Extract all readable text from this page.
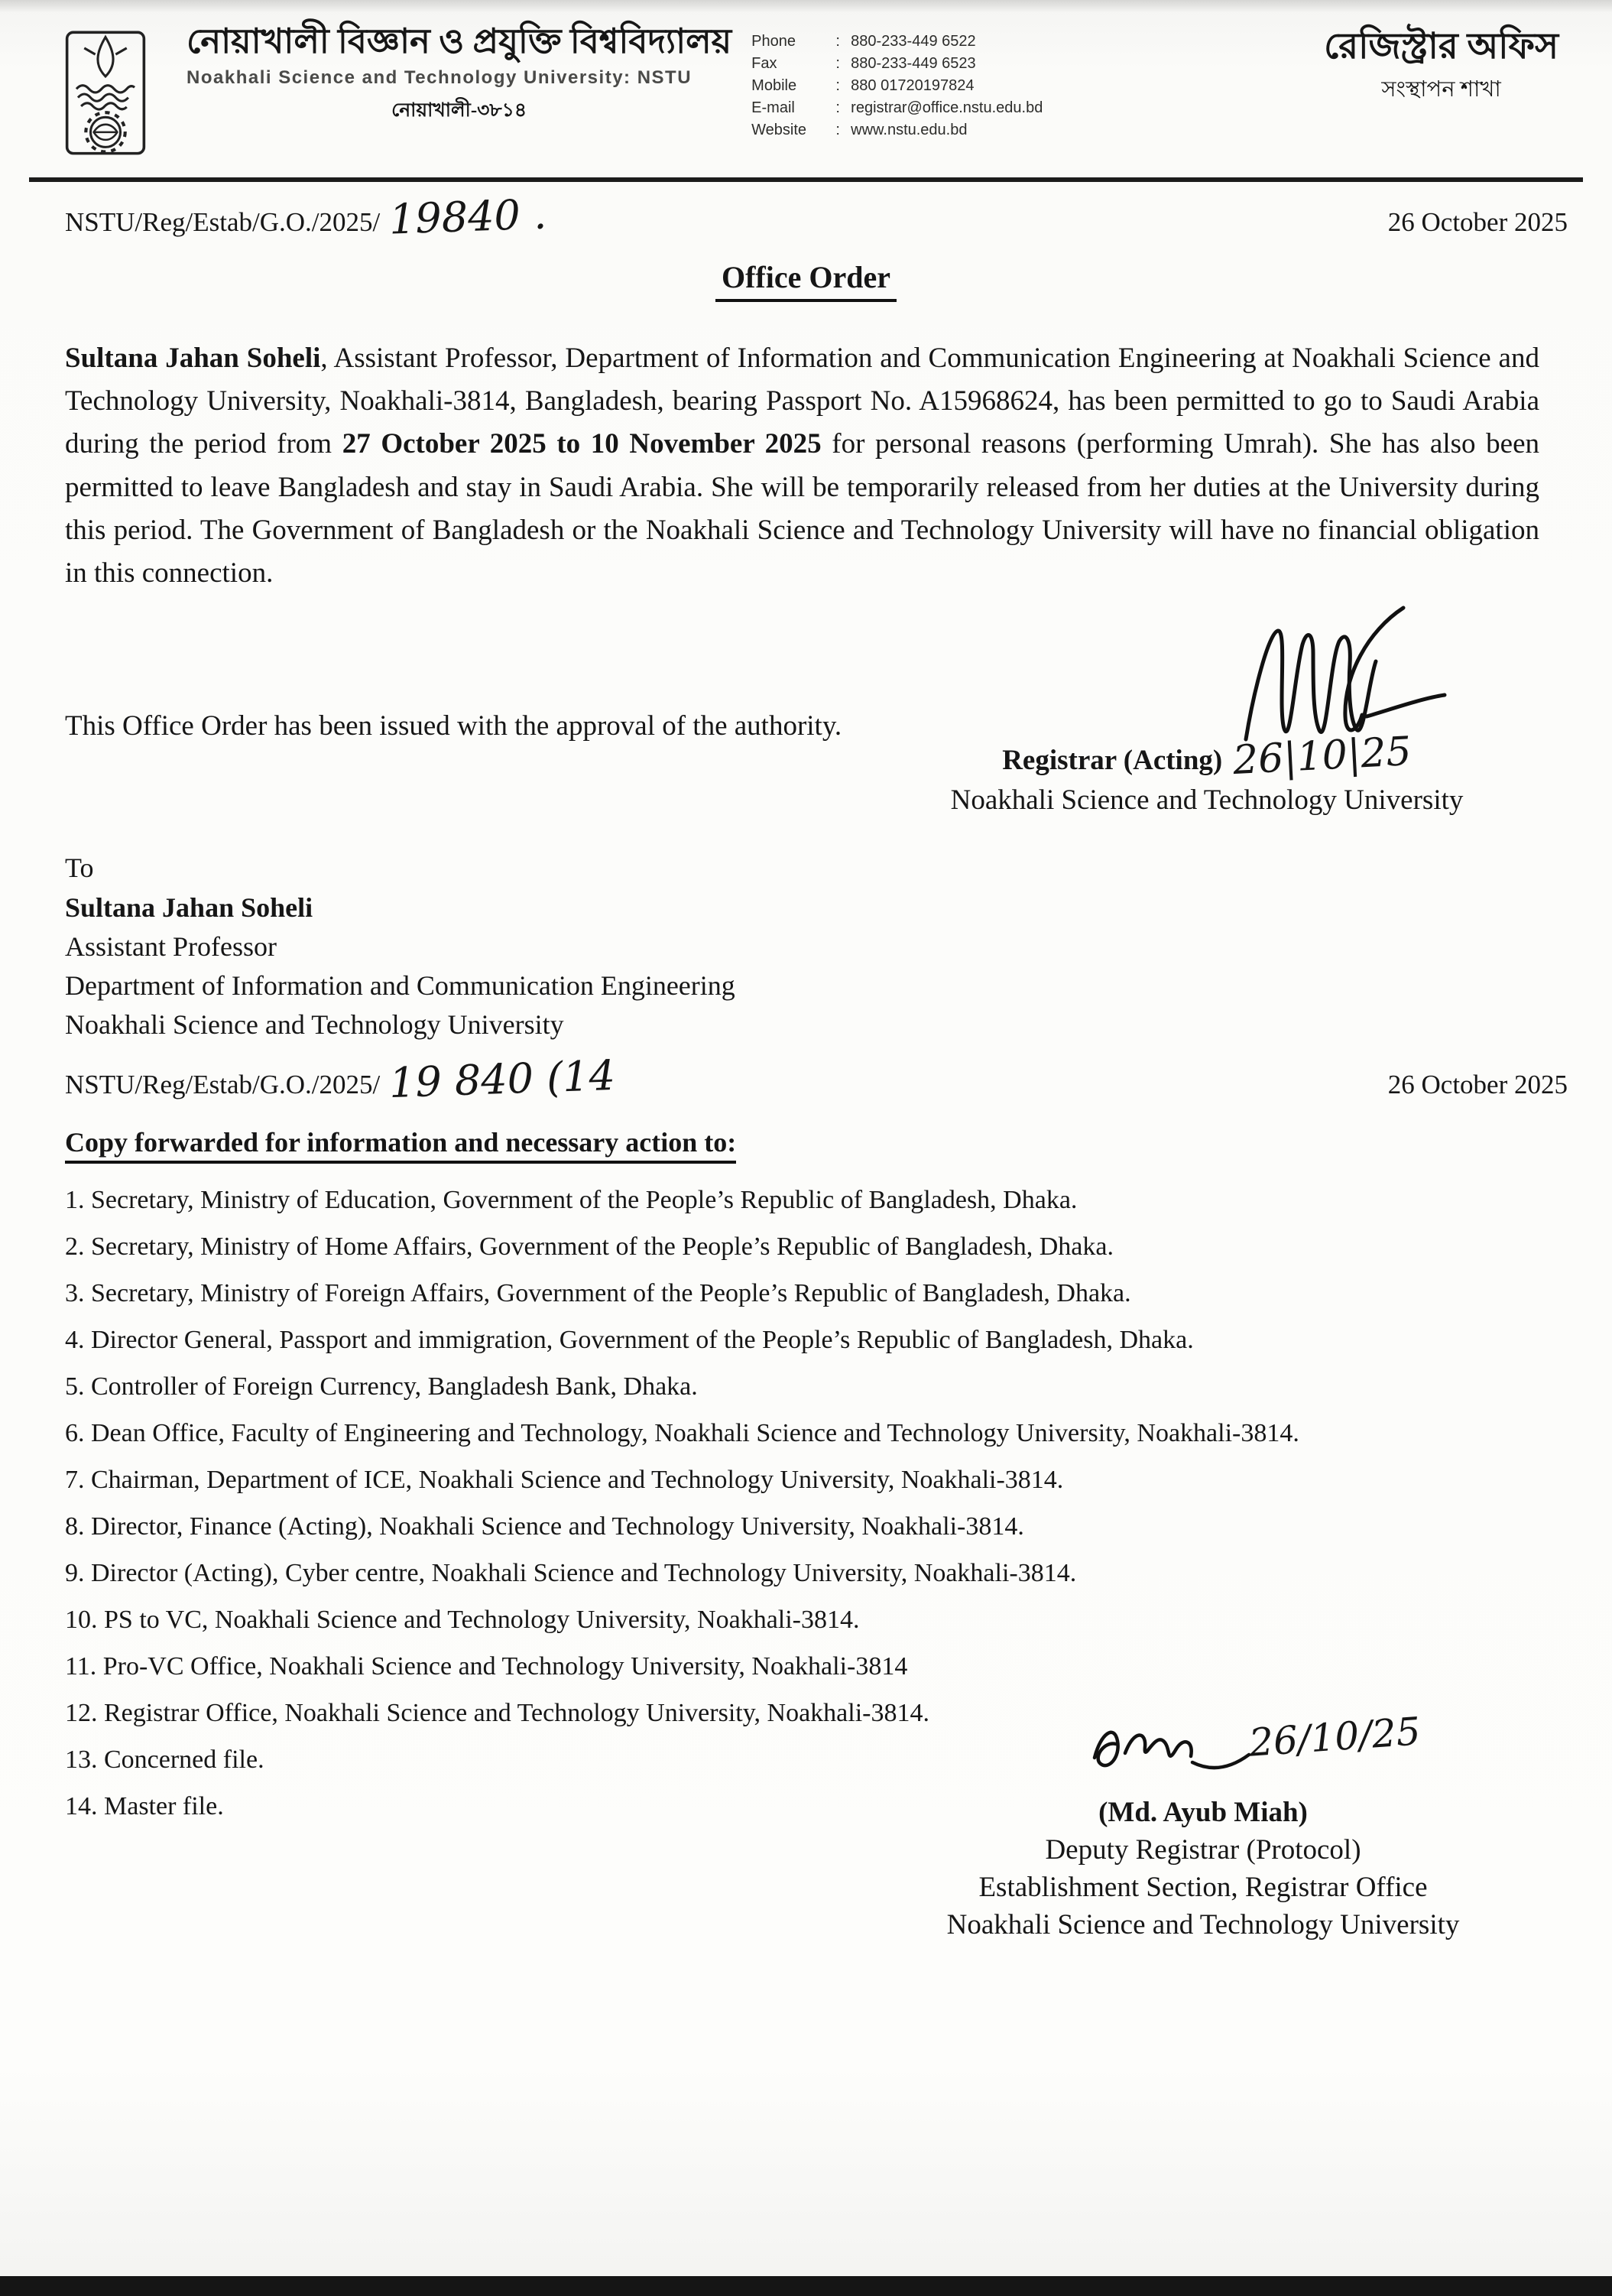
নোয়াখালী বিজ্ঞান ও প্রযুক্তি বিশ্ববিদ্যালয়
Noakhali Science and Technology University: NSTU
নোয়াখালী-৩৮১৪
Phone	: 880-233-449 6522
Fax	: 880-233-449 6523
Mobile	: 880 01720197824
E-mail	: registrar@office.nstu.edu.bd
Website	: www.nstu.edu.bd
রেজিস্ট্রার অফিস
সংস্থাপন শাখা
NSTU/Reg/Estab/G.O./2025/ 19840 .	26 October 2025
Office Order

Sultana Jahan Soheli, Assistant Professor, Department of Information and Communication Engineering at Noakhali Science and Technology University, Noakhali-3814, Bangladesh, bearing Passport No. A15968624, has been permitted to go to Saudi Arabia during the period from 27 October 2025 to 10 November 2025 for personal reasons (performing Umrah). She has also been permitted to leave Bangladesh and stay in Saudi Arabia. She will be temporarily released from her duties at the University during this period. The Government of Bangladesh or the Noakhali Science and Technology University will have no financial obligation in this connection.

This Office Order has been issued with the approval of the authority.

Registrar (Acting) 26|10|25
Noakhali Science and Technology University
To
Sultana Jahan Soheli
Assistant Professor
Department of Information and Communication Engineering
Noakhali Science and Technology University
NSTU/Reg/Estab/G.O./2025/ 19 840 (14	26 October 2025
Copy forwarded for information and necessary action to:
1. Secretary, Ministry of Education, Government of the People’s Republic of Bangladesh, Dhaka.
2. Secretary, Ministry of Home Affairs, Government of the People’s Republic of Bangladesh, Dhaka.
3. Secretary, Ministry of Foreign Affairs, Government of the People’s Republic of Bangladesh, Dhaka.
4. Director General, Passport and immigration, Government of the People’s Republic of Bangladesh, Dhaka.
5. Controller of Foreign Currency, Bangladesh Bank, Dhaka.
6. Dean Office, Faculty of Engineering and Technology, Noakhali Science and Technology University, Noakhali-3814.
7. Chairman, Department of ICE, Noakhali Science and Technology University, Noakhali-3814.
8. Director, Finance (Acting), Noakhali Science and Technology University, Noakhali-3814.
9. Director (Acting), Cyber centre, Noakhali Science and Technology University, Noakhali-3814.
10. PS to VC, Noakhali Science and Technology University, Noakhali-3814.
11. Pro-VC Office, Noakhali Science and Technology University, Noakhali-3814
12. Registrar Office, Noakhali Science and Technology University, Noakhali-3814.
13. Concerned file.
14. Master file.
26/10/25
(Md. Ayub Miah)
Deputy Registrar (Protocol)
Establishment Section, Registrar Office
Noakhali Science and Technology University
